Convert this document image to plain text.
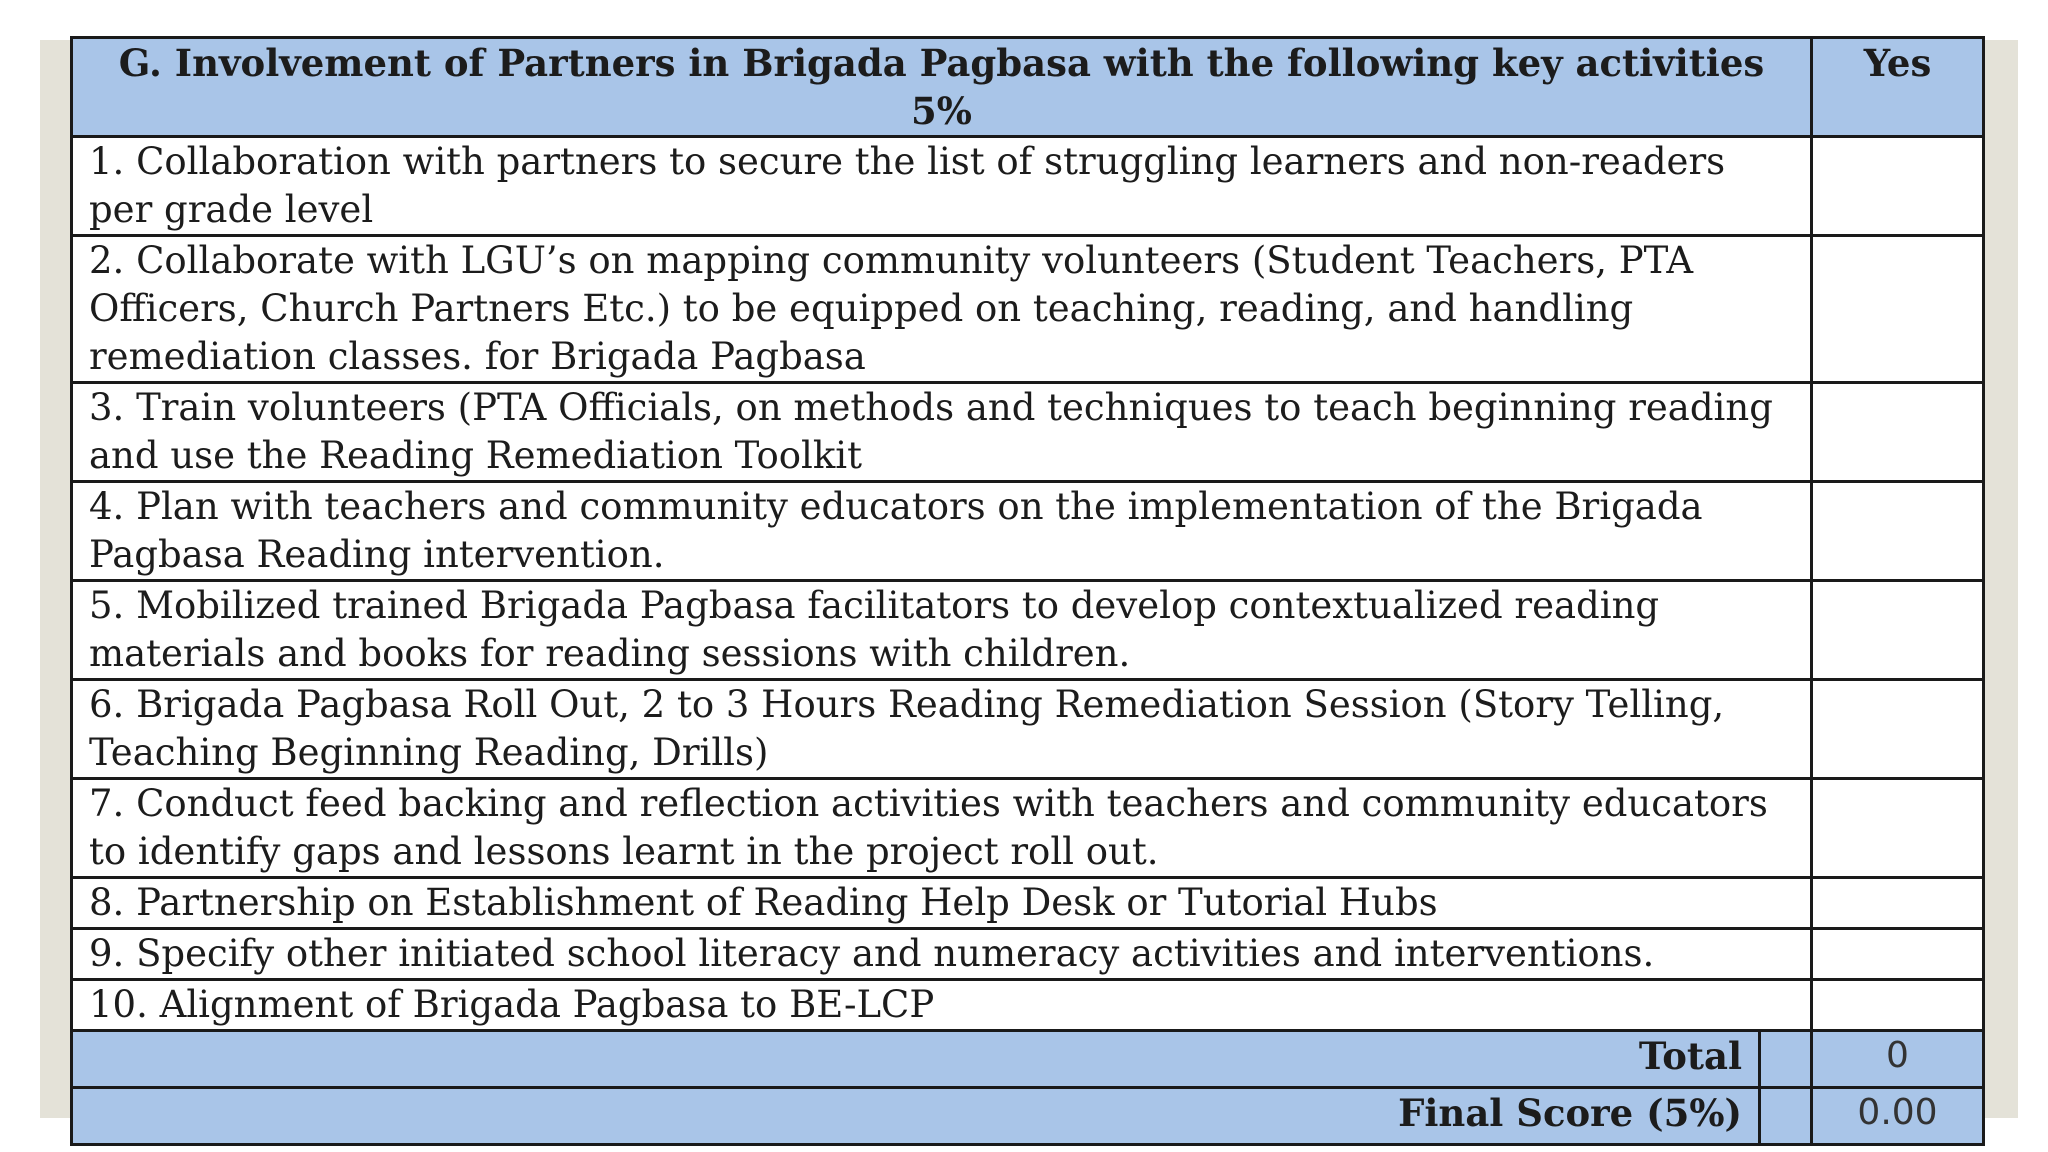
G. Involvement of Partners in Brigada Pagbasa with the following key activities 5%		Yes
1. Collaboration with partners to secure the list of struggling learners and non-readers per grade level		
2. Collaborate with LGU’s on mapping community volunteers (Student Teachers, PTA Officers, Church Partners Etc.) to be equipped on teaching, reading, and handling remediation classes. for Brigada Pagbasa		
3. Train volunteers (PTA Officials, on methods and techniques to teach beginning reading and use the Reading Remediation Toolkit		
4. Plan with teachers and community educators on the implementation of the Brigada Pagbasa Reading intervention.		
5. Mobilized trained Brigada Pagbasa facilitators to develop contextualized reading materials and books for reading sessions with children.		
6. Brigada Pagbasa Roll Out, 2 to 3 Hours Reading Remediation Session (Story Telling, Teaching Beginning Reading, Drills)		
7. Conduct feed backing and reflection activities with teachers and community educators to identify gaps and lessons learnt in the project roll out.		
8. Partnership on Establishment of Reading Help Desk or Tutorial Hubs		
9. Specify other initiated school literacy and numeracy activities and interventions.		
10. Alignment of Brigada Pagbasa to BE-LCP		
Total		0
Final Score (5%)		0.00
